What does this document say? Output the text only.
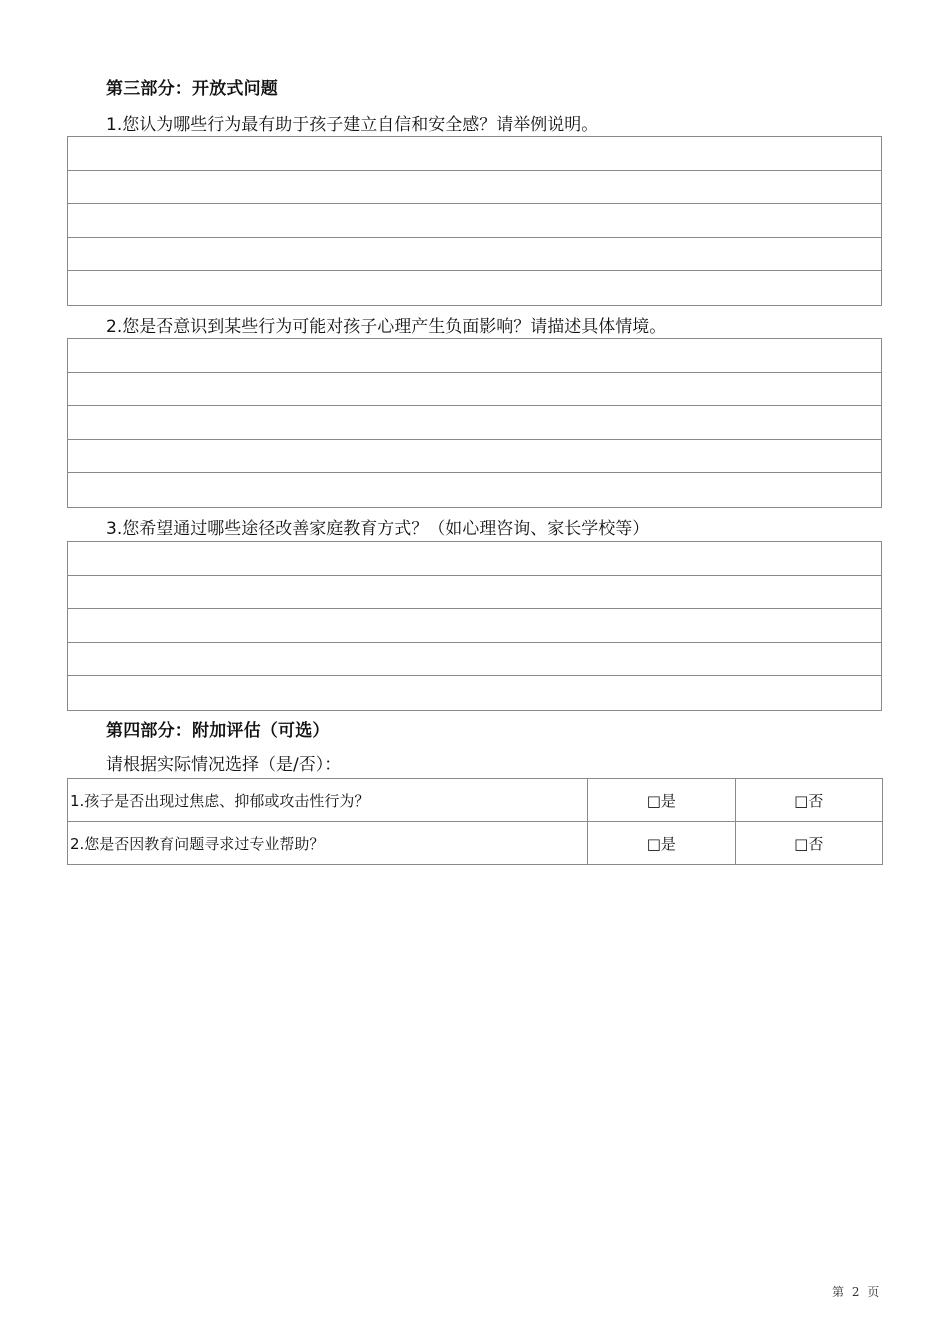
第三部分：开放式问题
1.您认为哪些行为最有助于孩子建立自信和安全感？请举例说明。
2.您是否意识到某些行为可能对孩子心理产生负面影响？请描述具体情境。
3.您希望通过哪些途径改善家庭教育方式？（如心理咨询、家长学校等）
第四部分：附加评估（可选）
请根据实际情况选择（是/否）：
1.孩子是否出现过焦虑、抑郁或攻击性行为？	□是	□否
2.您是否因教育问题寻求过专业帮助？	□是	□否
第 2 页
